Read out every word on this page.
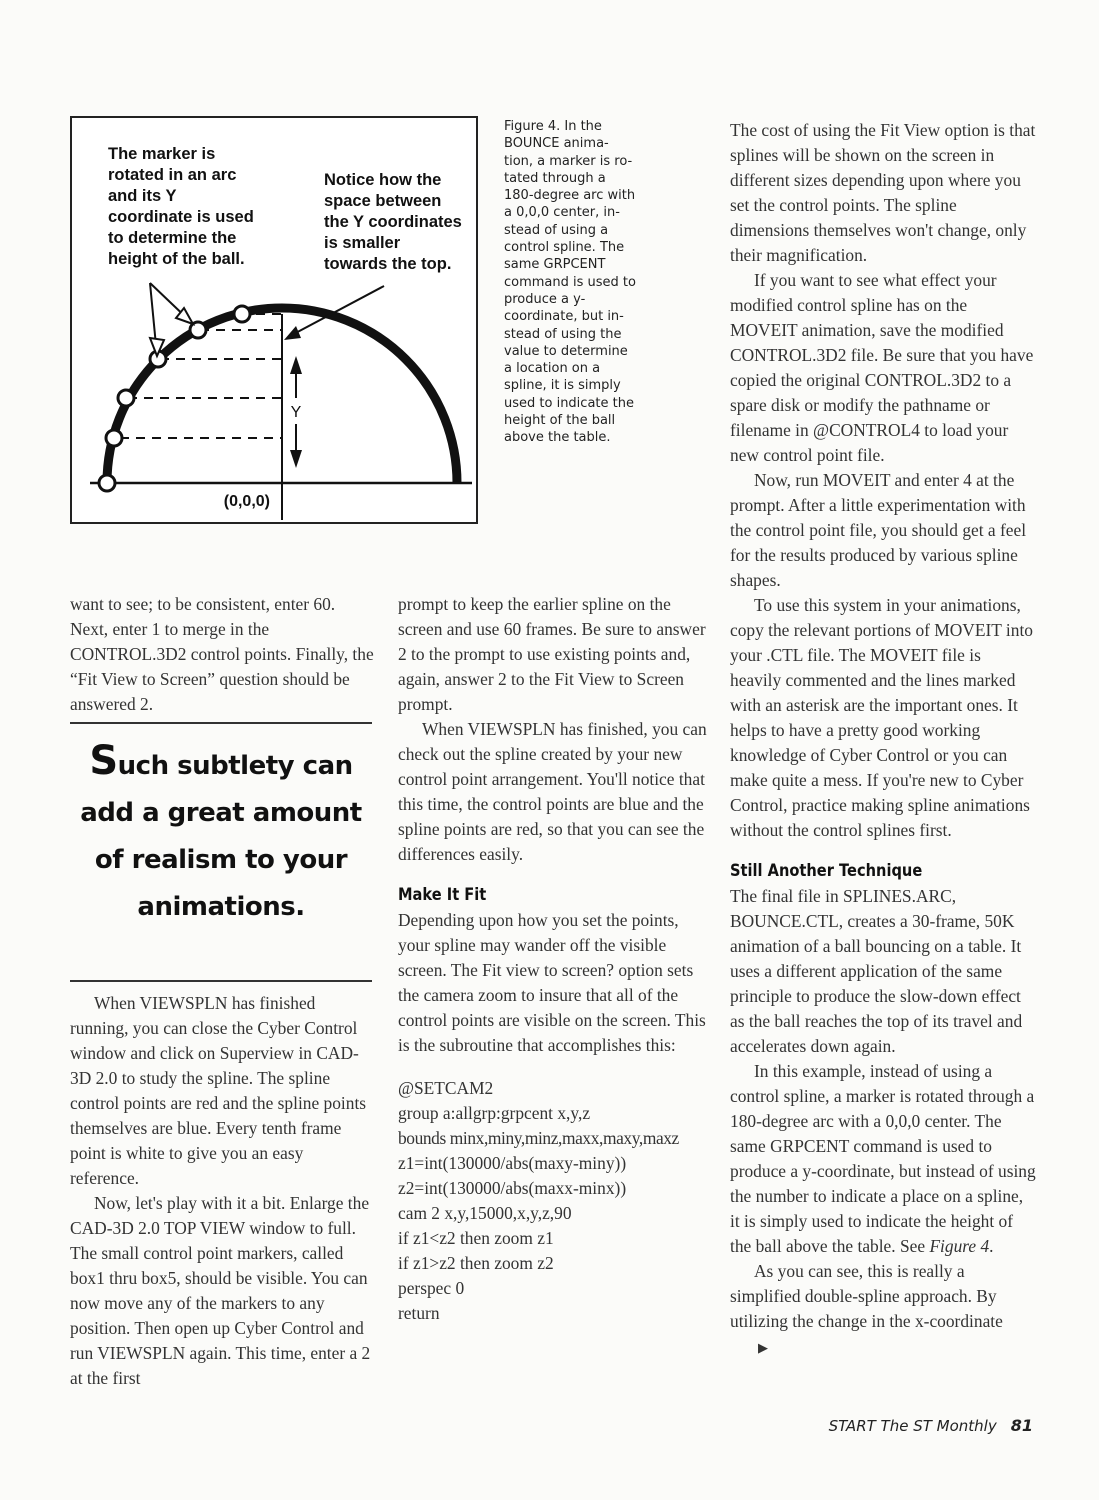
Y
(0,0,0)
The marker is
rotated in an arc
and its Y
coordinate is used
to determine the
height of the ball.
Notice how the
space between
the Y coordinates
is smaller
towards the top.
Figure 4. In the
BOUNCE anima-
tion, a marker is ro-
tated through a
180-degree arc with
a 0,0,0 center, in-
stead of using a
control spline. The
same GRPCENT
command is used to
produce a y-
coordinate, but in-
stead of using the
value to determine
a location on a
spline, it is simply
used to indicate the
height of the ball
above the table.

want to see; to be consistent, enter 60. Next, enter 1 to merge in the CONTROL.3D2 control points. Finally, the “Fit View to Screen” question should be answered 2.

Such subtlety can add a great amount of realism to your animations.

When VIEWSPLN has finished running, you can close the Cyber Control window and click on Superview in CAD-3D 2.0 to study the spline. The spline control points are red and the spline points themselves are blue. Every tenth frame point is white to give you an easy reference.

Now, let's play with it a bit. Enlarge the CAD-3D 2.0 TOP VIEW window to full. The small control point markers, called box1 thru box5, should be visible. You can now move any of the markers to any position. Then open up Cyber Control and run VIEWSPLN again. This time, enter a 2 at the first

prompt to keep the earlier spline on the screen and use 60 frames. Be sure to answer 2 to the prompt to use existing points and, again, answer 2 to the Fit View to Screen prompt.

When VIEWSPLN has finished, you can check out the spline created by your new control point arrangement. You'll notice that this time, the control points are blue and the spline points are red, so that you can see the differences easily.

Make It Fit

Depending upon how you set the points, your spline may wander off the visible screen. The Fit view to screen? option sets the camera zoom to insure that all of the control points are visible on the screen. This is the subroutine that accomplishes this:

@SETCAM2
group a:allgrp:grpcent x,y,z
bounds minx,miny,minz,maxx,maxy,maxz
z1=int(130000/abs(maxy-miny))
z2=int(130000/abs(maxx-minx))
cam 2 x,y,15000,x,y,z,90
if z1<z2 then zoom z1
if z1>z2 then zoom z2
perspec 0
return

The cost of using the Fit View option is that splines will be shown on the screen in different sizes depending upon where you set the control points. The spline dimensions themselves won't change, only their magnification.

If you want to see what effect your modified control spline has on the MOVEIT animation, save the modified CONTROL.3D2 file. Be sure that you have copied the original CONTROL.3D2 to a spare disk or modify the pathname or filename in @CONTROL4 to load your new control point file.

Now, run MOVEIT and enter 4 at the prompt. After a little experimentation with the control point file, you should get a feel for the results produced by various spline shapes.

To use this system in your animations, copy the relevant portions of MOVEIT into your .CTL file. The MOVEIT file is heavily commented and the lines marked with an asterisk are the important ones. It helps to have a pretty good working knowledge of Cyber Control or you can make quite a mess. If you're new to Cyber Control, practice making spline animations without the control splines first.

Still Another Technique

The final file in SPLINES.ARC, BOUNCE.CTL, creates a 30-frame, 50K animation of a ball bouncing on a table. It uses a different application of the same principle to produce the slow-down effect as the ball reaches the top of its travel and accelerates down again.

In this example, instead of using a control spline, a marker is rotated through a 180-degree arc with a 0,0,0 center. The same GRPCENT command is used to produce a y-coordinate, but instead of using the number to indicate a place on a spline, it is simply used to indicate the height of the ball above the table. See Figure 4.

As you can see, this is really a simplified double-spline approach. By utilizing the change in the x-coordinate▶

START The ST Monthly 81
